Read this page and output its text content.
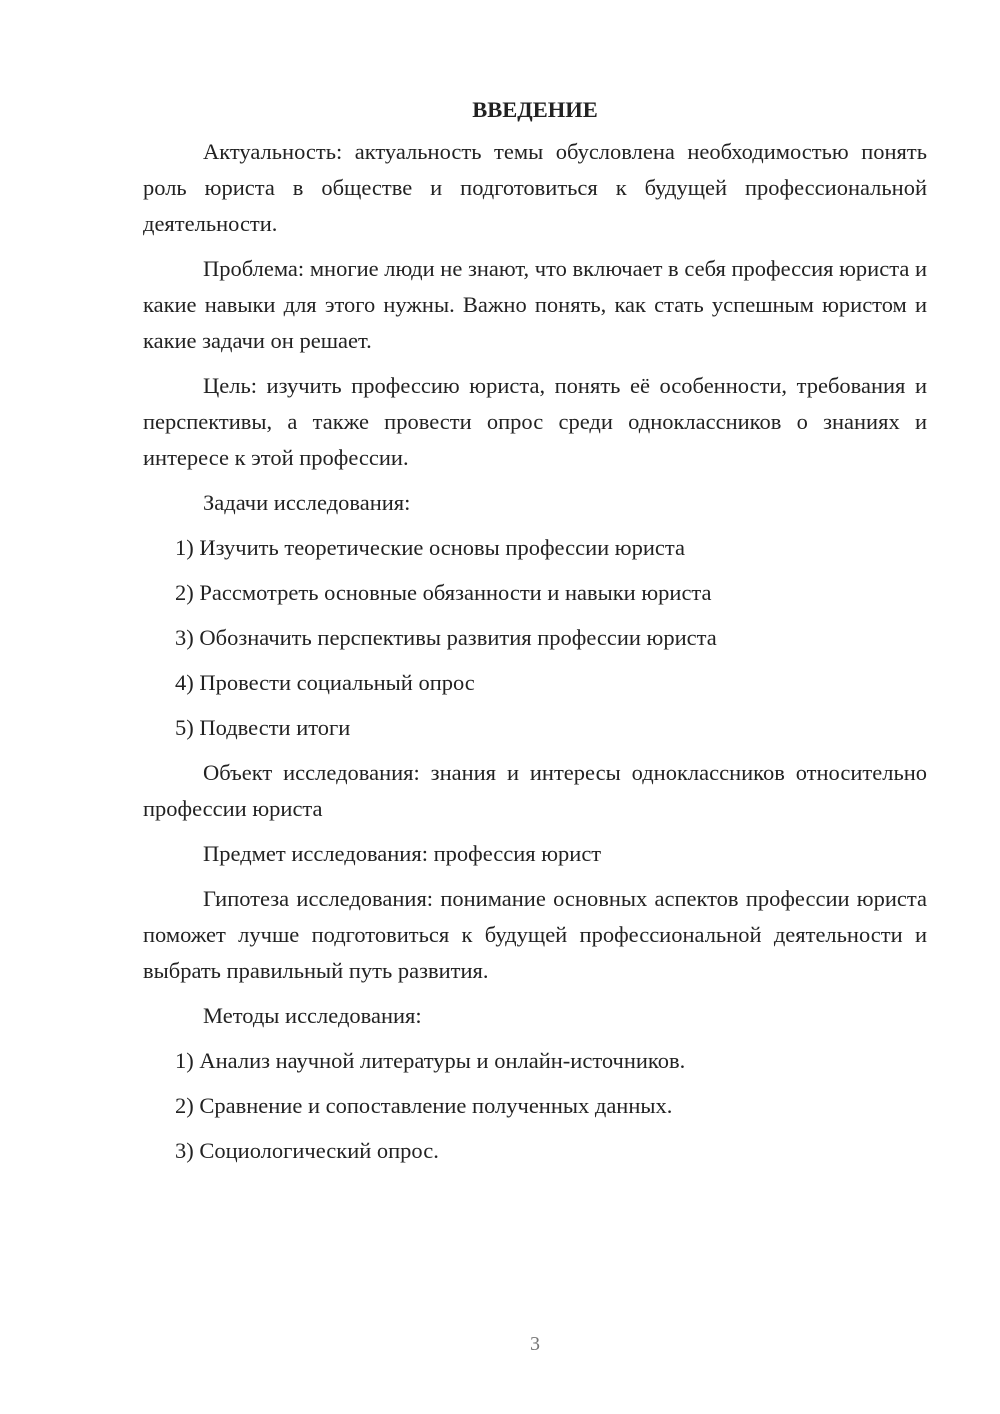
ВВЕДЕНИЕ

Актуальность: актуальность темы обусловлена необходимостью понять роль юриста в обществе и подготовиться к будущей профессиональной деятельности.

Проблема: многие люди не знают, что включает в себя профессия юриста и какие навыки для этого нужны. Важно понять, как стать успешным юристом и какие задачи он решает.

Цель: изучить профессию юриста, понять её особенности, требования и перспективы, а также провести опрос среди одноклассников о знаниях и интересе к этой профессии.

Задачи исследования:

1) Изучить теоретические основы профессии юриста
2) Рассмотреть основные обязанности и навыки юриста
3) Обозначить перспективы развития профессии юриста
4) Провести социальный опрос
5) Подвести итоги

Объект исследования: знания и интересы одноклассников относительно профессии юриста

Предмет исследования: профессия юрист

Гипотеза исследования: понимание основных аспектов профессии юриста поможет лучше подготовиться к будущей профессиональной деятельности и выбрать правильный путь развития.

Методы исследования:

1) Анализ научной литературы и онлайн-источников.
2) Сравнение и сопоставление полученных данных.
3) Социологический опрос.
3
